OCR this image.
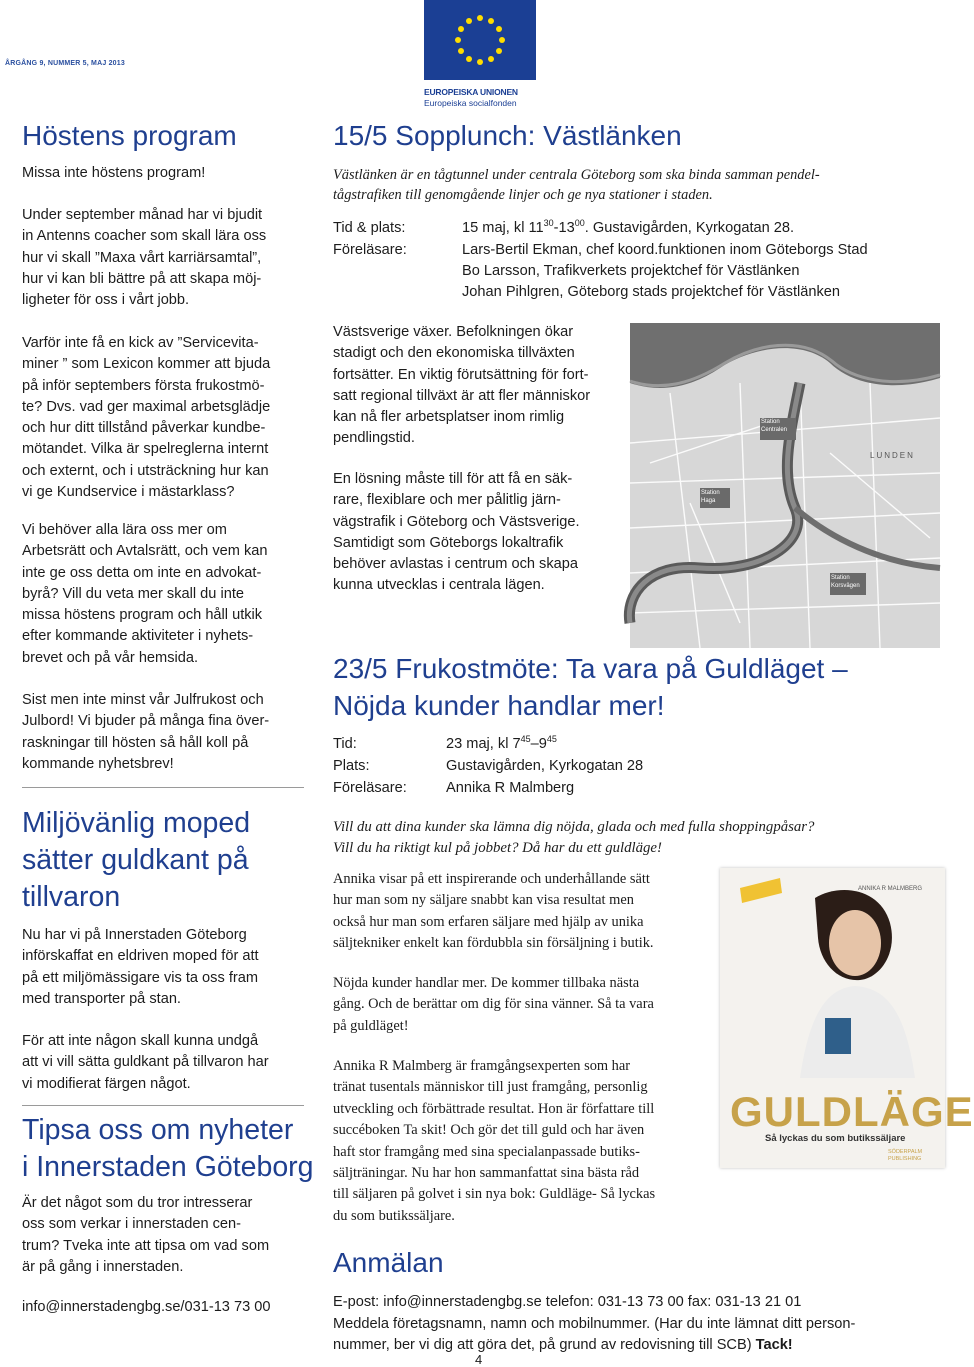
ÅRGÅNG 9, NUMMER 5, MAJ 2013
EUROPEISKA UNIONEN
Europeiska socialfonden
Höstens program

Missa inte höstens program!

Under september månad har vi bjudit

in Antenns coacher som skall lära oss

hur vi skall ”Maxa vårt karriärsamtal”,

hur vi kan bli bättre på att skapa möj-

ligheter för oss i vårt jobb.

Varför inte få en kick av ”Servicevita-

miner ” som Lexicon kommer att bjuda

på inför septembers första frukostmö-

te? Dvs. vad ger maximal arbetsglädje

och hur ditt tillstånd påverkar kundbe-

mötandet. Vilka är spelreglerna internt

och externt, och i utsträckning hur kan

vi ge Kundservice i mästarklass?

Vi behöver alla lära oss mer om

Arbetsrätt och Avtalsrätt, och vem kan

inte ge oss detta om inte en advokat-

byrå? Vill du veta mer skall du inte

missa höstens program och håll utkik

efter kommande aktiviteter i nyhets-

brevet och på vår hemsida.

Sist men inte minst vår Julfrukost och

Julbord! Vi bjuder på många fina över-

raskningar till hösten så håll koll på

kommande nyhetsbrev!

Miljövänlig moped
sätter guldkant på
tillvaron

Nu har vi på Innerstaden Göteborg

införskaffat en eldriven moped för att

på ett miljömässigare vis ta oss fram

med transporter på stan.

För att inte någon skall kunna undgå

att vi vill sätta guldkant på tillvaron har

vi modifierat färgen något.

Tipsa oss om nyheter
i Innerstaden Göteborg

Är det något som du tror intresserar

oss som verkar i innerstaden cen-

trum? Tveka inte att tipsa om vad som

är på gång i innerstaden.

info@innerstadengbg.se/031-13 73 00
15/5 Sopplunch: Västlänken
Västlänken är en tågtunnel under centrala Göteborg som ska binda samman pendel-
tågstrafiken till genomgående linjer och ge nya stationer i staden.
Tid & plats:	15 maj, kl $11^{30}-13^{00}$. Gustavigården, Kyrkogatan 28.
Föreläsare:	Lars-Bertil Ekman, chef koord.funktionen inom Göteborgs Stad
Bo Larsson, Trafikverkets projektchef för Västlänken
Johan Pihlgren, Göteborg stads projektchef för Västlänken

Västsverige växer. Befolkningen ökar

stadigt och den ekonomiska tillväxten

fortsätter. En viktig förutsättning för fort-

satt regional tillväxt är att fler människor

kan nå fler arbetsplatser inom rimlig

pendlingstid.

En lösning måste till för att få en säk-

rare, flexiblare och mer pålitlig järn-

vägstrafik i Göteborg och Västsverige.

Samtidigt som Göteborgs lokaltrafik

behöver avlastas i centrum och skapa

kunna utvecklas i centrala lägen.

Station
Centralen
Station
Haga
Station
Korsvägen
LUNDEN
23/5 Frukostmöte: Ta vara på Guldläget –
Nöjda kunder handlar mer!
Tid:	23 maj, kl $7^{45}-9^{45}$
Plats:	Gustavigården, Kyrkogatan 28
Föreläsare:	Annika R Malmberg
Vill du att dina kunder ska lämna dig nöjda, glada och med fulla shoppingpåsar?
Vill du ha riktigt kul på jobbet? Då har du ett guldläge!
Annika visar på ett inspirerande och underhållande sätt
hur man som ny säljare snabbt kan visa resultat men
också hur man som erfaren säljare med hjälp av unika
säljtekniker enkelt kan fördubbla sin försäljning i butik.
Nöjda kunder handlar mer. De kommer tillbaka nästa
gång. Och de berättar om dig för sina vänner. Så ta vara
på guldläget!
Annika R Malmberg är framgångsexperten som har
tränat tusentals människor till just framgång, personlig
utveckling och förbättrade resultat. Hon är författare till
succéboken Ta skit! Och gör det till guld och har även
haft stor framgång med sina specialanpassade butiks-
säljträningar. Nu har hon sammanfattat sina bästa råd
till säljaren på golvet i sin nya bok: Guldläge- Så lyckas
du som butikssäljare.
ANNIKA R MALMBERG
GULDLÄGE
Så lyckas du som butikssäljare
SÖDERPALM PUBLISHING
Anmälan
E-post: info@innerstadengbg.se telefon: 031-13 73 00 fax: 031-13 21 01
Meddela företagsnamn, namn och mobilnummer. (Har du inte lämnat ditt person-
nummer, ber vi dig att göra det, på grund av redovisning till SCB) Tack!
4
